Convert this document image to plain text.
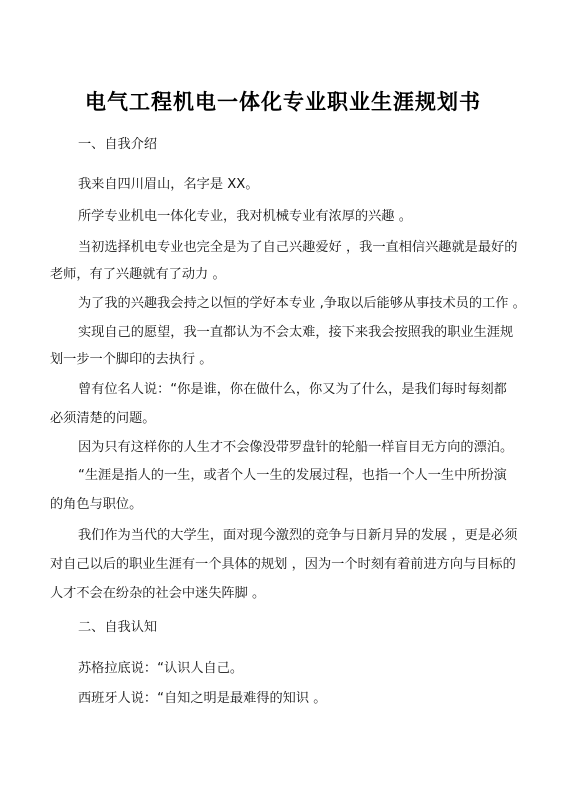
电气工程机电一体化专业职业生涯规划书
一、自我介绍
我来自四川眉山，名字是 XX。
所学专业机电一体化专业，我对机械专业有浓厚的兴趣 。
当初选择机电专业也完全是为了自己兴趣爱好 ，我一直相信兴趣就是最好的
老师，有了兴趣就有了动力 。
为了我的兴趣我会持之以恒的学好本专业 ,争取以后能够从事技术员的工作 。
实现自己的愿望，我一直都认为不会太难，接下来我会按照我的职业生涯规
划一步一个脚印的去执行 。
曾有位名人说：“你是谁，你在做什么，你又为了什么，是我们每时每刻都
必须清楚的问题。
因为只有这样你的人生才不会像没带罗盘针的轮船一样盲目无方向的漂泊。
“生涯是指人的一生，或者个人一生的发展过程，也指一个人一生中所扮演
的角色与职位。
我们作为当代的大学生，面对现今激烈的竞争与日新月异的发展 ，更是必须
对自己以后的职业生涯有一个具体的规划 ，因为一个时刻有着前进方向与目标的
人才不会在纷杂的社会中迷失阵脚 。
二、自我认知
苏格拉底说：“认识人自己。
西班牙人说：“自知之明是最难得的知识 。
